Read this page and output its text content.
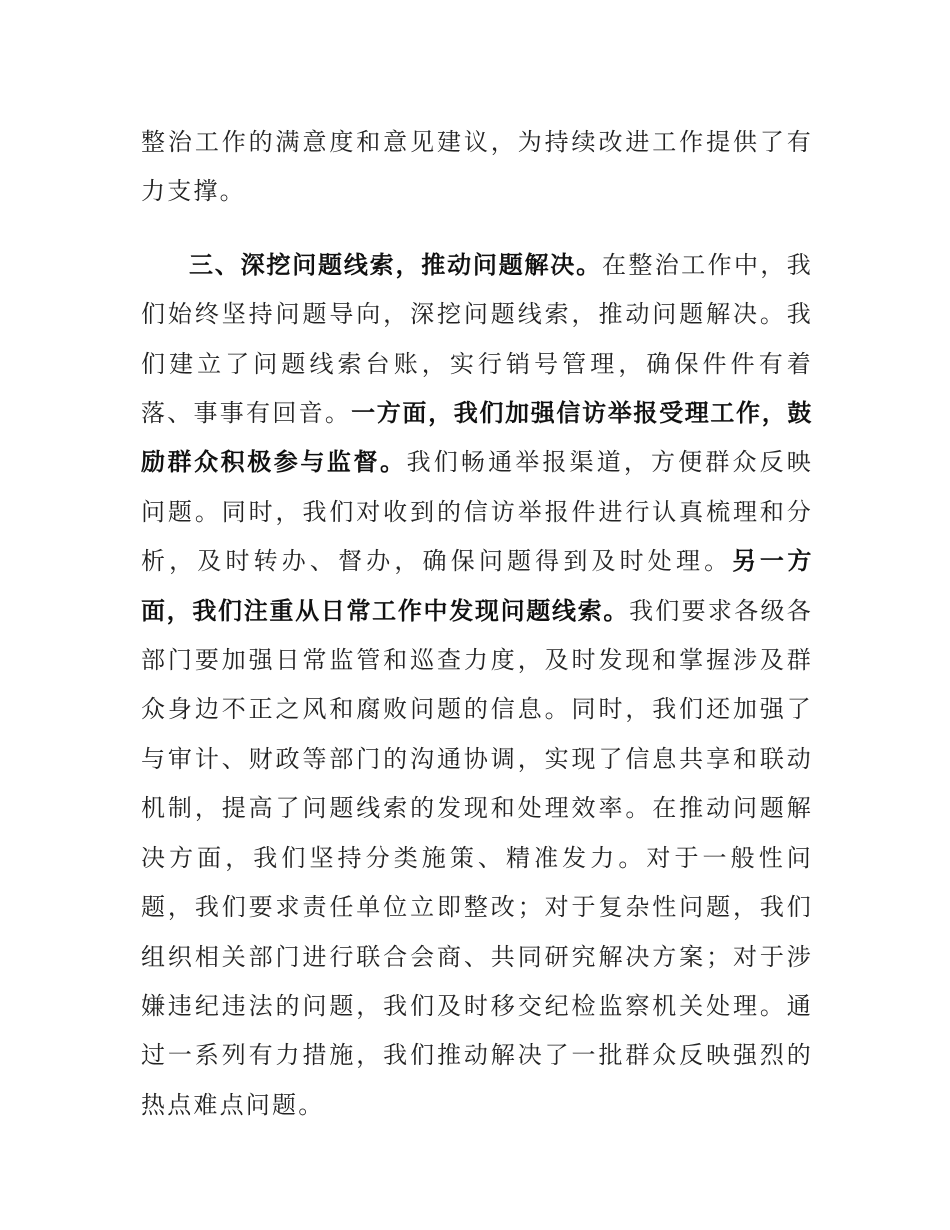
整治工作的满意度和意见建议，为持续改进工作提供了有力支撑。

三、深挖问题线索，推动问题解决。在整治工作中，我们始终坚持问题导向，深挖问题线索，推动问题解决。我们建立了问题线索台账，实行销号管理，确保件件有着落、事事有回音。一方面，我们加强信访举报受理工作，鼓励群众积极参与监督。我们畅通举报渠道，方便群众反映问题。同时，我们对收到的信访举报件进行认真梳理和分析，及时转办、督办，确保问题得到及时处理。另一方面，我们注重从日常工作中发现问题线索。我们要求各级各部门要加强日常监管和巡查力度，及时发现和掌握涉及群众身边不正之风和腐败问题的信息。同时，我们还加强了与审计、财政等部门的沟通协调，实现了信息共享和联动机制，提高了问题线索的发现和处理效率。在推动问题解决方面，我们坚持分类施策、精准发力。对于一般性问题，我们要求责任单位立即整改；对于复杂性问题，我们组织相关部门进行联合会商、共同研究解决方案；对于涉嫌违纪违法的问题，我们及时移交纪检监察机关处理。通过一系列有力措施，我们推动解决了一批群众反映强烈的热点难点问题。
